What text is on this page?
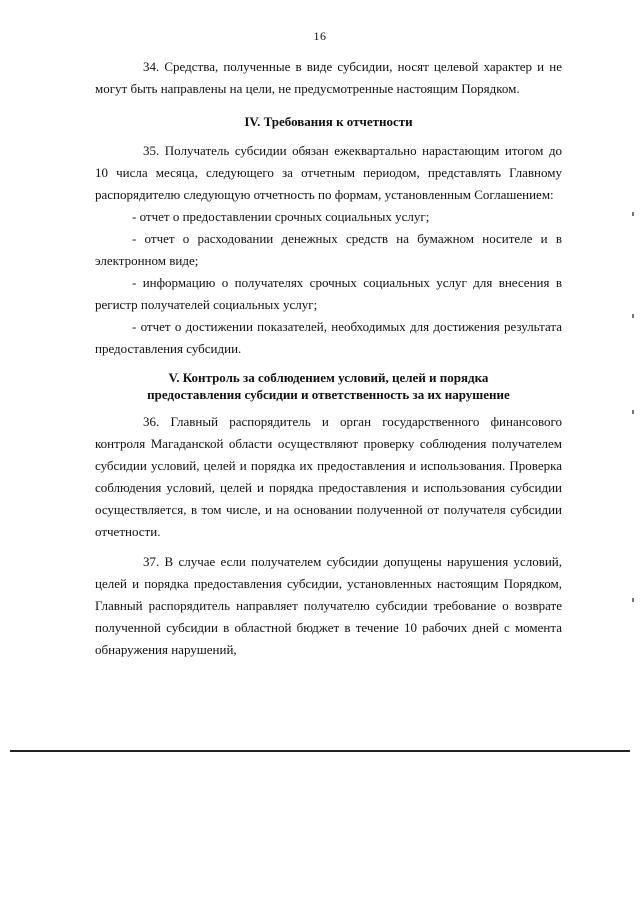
16

34. Средства, полученные в виде субсидии, носят целевой характер и не могут быть направлены на цели, не предусмотренные настоящим Порядком.

IV. Требования к отчетности

35. Получатель субсидии обязан ежеквартально нарастающим итогом до 10 числа месяца, следующего за отчетным периодом, представлять Главному распорядителю следующую отчетность по формам, установленным Соглашением:

- отчет о предоставлении срочных социальных услуг;

- отчет о расходовании денежных средств на бумажном носителе и в электронном виде;

- информацию о получателях срочных социальных услуг для внесения в регистр получателей социальных услуг;

- отчет о достижении показателей, необходимых для достижения результата предоставления субсидии.

V. Контроль за соблюдением условий, целей и порядка
предоставления субсидии и ответственность за их нарушение

36. Главный распорядитель и орган государственного финансового контроля Магаданской области осуществляют проверку соблюдения получателем субсидии условий, целей и порядка их предоставления и использования. Проверка соблюдения условий, целей и порядка предоставления и использования субсидии осуществляется, в том числе, и на основании полученной от получателя субсидии отчетности.

37. В случае если получателем субсидии допущены нарушения условий, целей и порядка предоставления субсидии, установленных настоящим Порядком, Главный распорядитель направляет получателю субсидии требование о возврате полученной субсидии в областной бюджет в течение 10 рабочих дней с момента обнаружения нарушений,
